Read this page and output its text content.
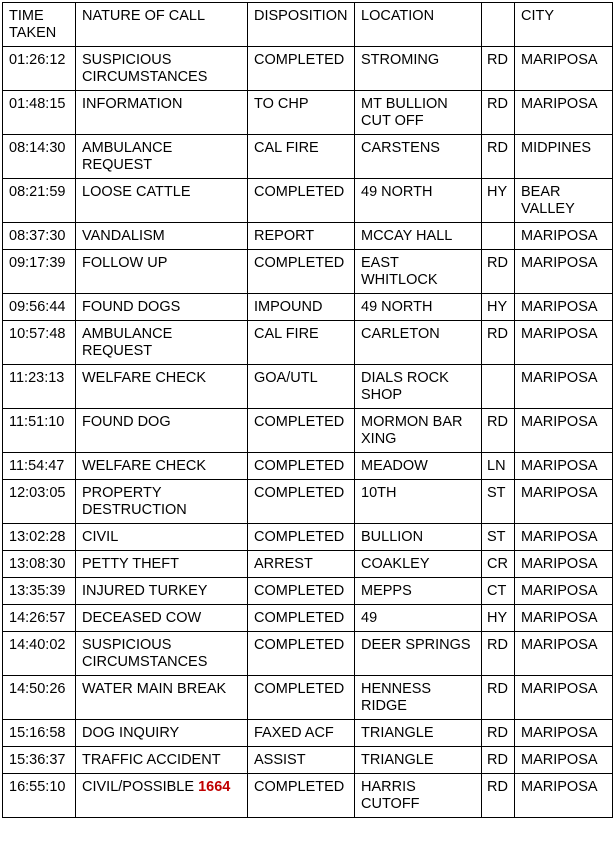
TIME TAKEN	NATURE OF CALL	DISPOSITION	LOCATION		CITY
01:26:12	SUSPICIOUS CIRCUMSTANCES	COMPLETED	STROMING	RD	MARIPOSA
01:48:15	INFORMATION	TO CHP	MT BULLION CUT OFF	RD	MARIPOSA
08:14:30	AMBULANCE REQUEST	CAL FIRE	CARSTENS	RD	MIDPINES
08:21:59	LOOSE CATTLE	COMPLETED	49 NORTH	HY	BEAR VALLEY
08:37:30	VANDALISM	REPORT	MCCAY HALL		MARIPOSA
09:17:39	FOLLOW UP	COMPLETED	EAST WHITLOCK	RD	MARIPOSA
09:56:44	FOUND DOGS	IMPOUND	49 NORTH	HY	MARIPOSA
10:57:48	AMBULANCE REQUEST	CAL FIRE	CARLETON	RD	MARIPOSA
11:23:13	WELFARE CHECK	GOA/UTL	DIALS ROCK SHOP		MARIPOSA
11:51:10	FOUND DOG	COMPLETED	MORMON BAR XING	RD	MARIPOSA
11:54:47	WELFARE CHECK	COMPLETED	MEADOW	LN	MARIPOSA
12:03:05	PROPERTY DESTRUCTION	COMPLETED	10TH	ST	MARIPOSA
13:02:28	CIVIL	COMPLETED	BULLION	ST	MARIPOSA
13:08:30	PETTY THEFT	ARREST	COAKLEY	CR	MARIPOSA
13:35:39	INJURED TURKEY	COMPLETED	MEPPS	CT	MARIPOSA
14:26:57	DECEASED COW	COMPLETED	49	HY	MARIPOSA
14:40:02	SUSPICIOUS CIRCUMSTANCES	COMPLETED	DEER SPRINGS	RD	MARIPOSA
14:50:26	WATER MAIN BREAK	COMPLETED	HENNESS RIDGE	RD	MARIPOSA
15:16:58	DOG INQUIRY	FAXED ACF	TRIANGLE	RD	MARIPOSA
15:36:37	TRAFFIC ACCIDENT	ASSIST	TRIANGLE	RD	MARIPOSA
16:55:10	CIVIL/POSSIBLE 1664	COMPLETED	HARRIS CUTOFF	RD	MARIPOSA
